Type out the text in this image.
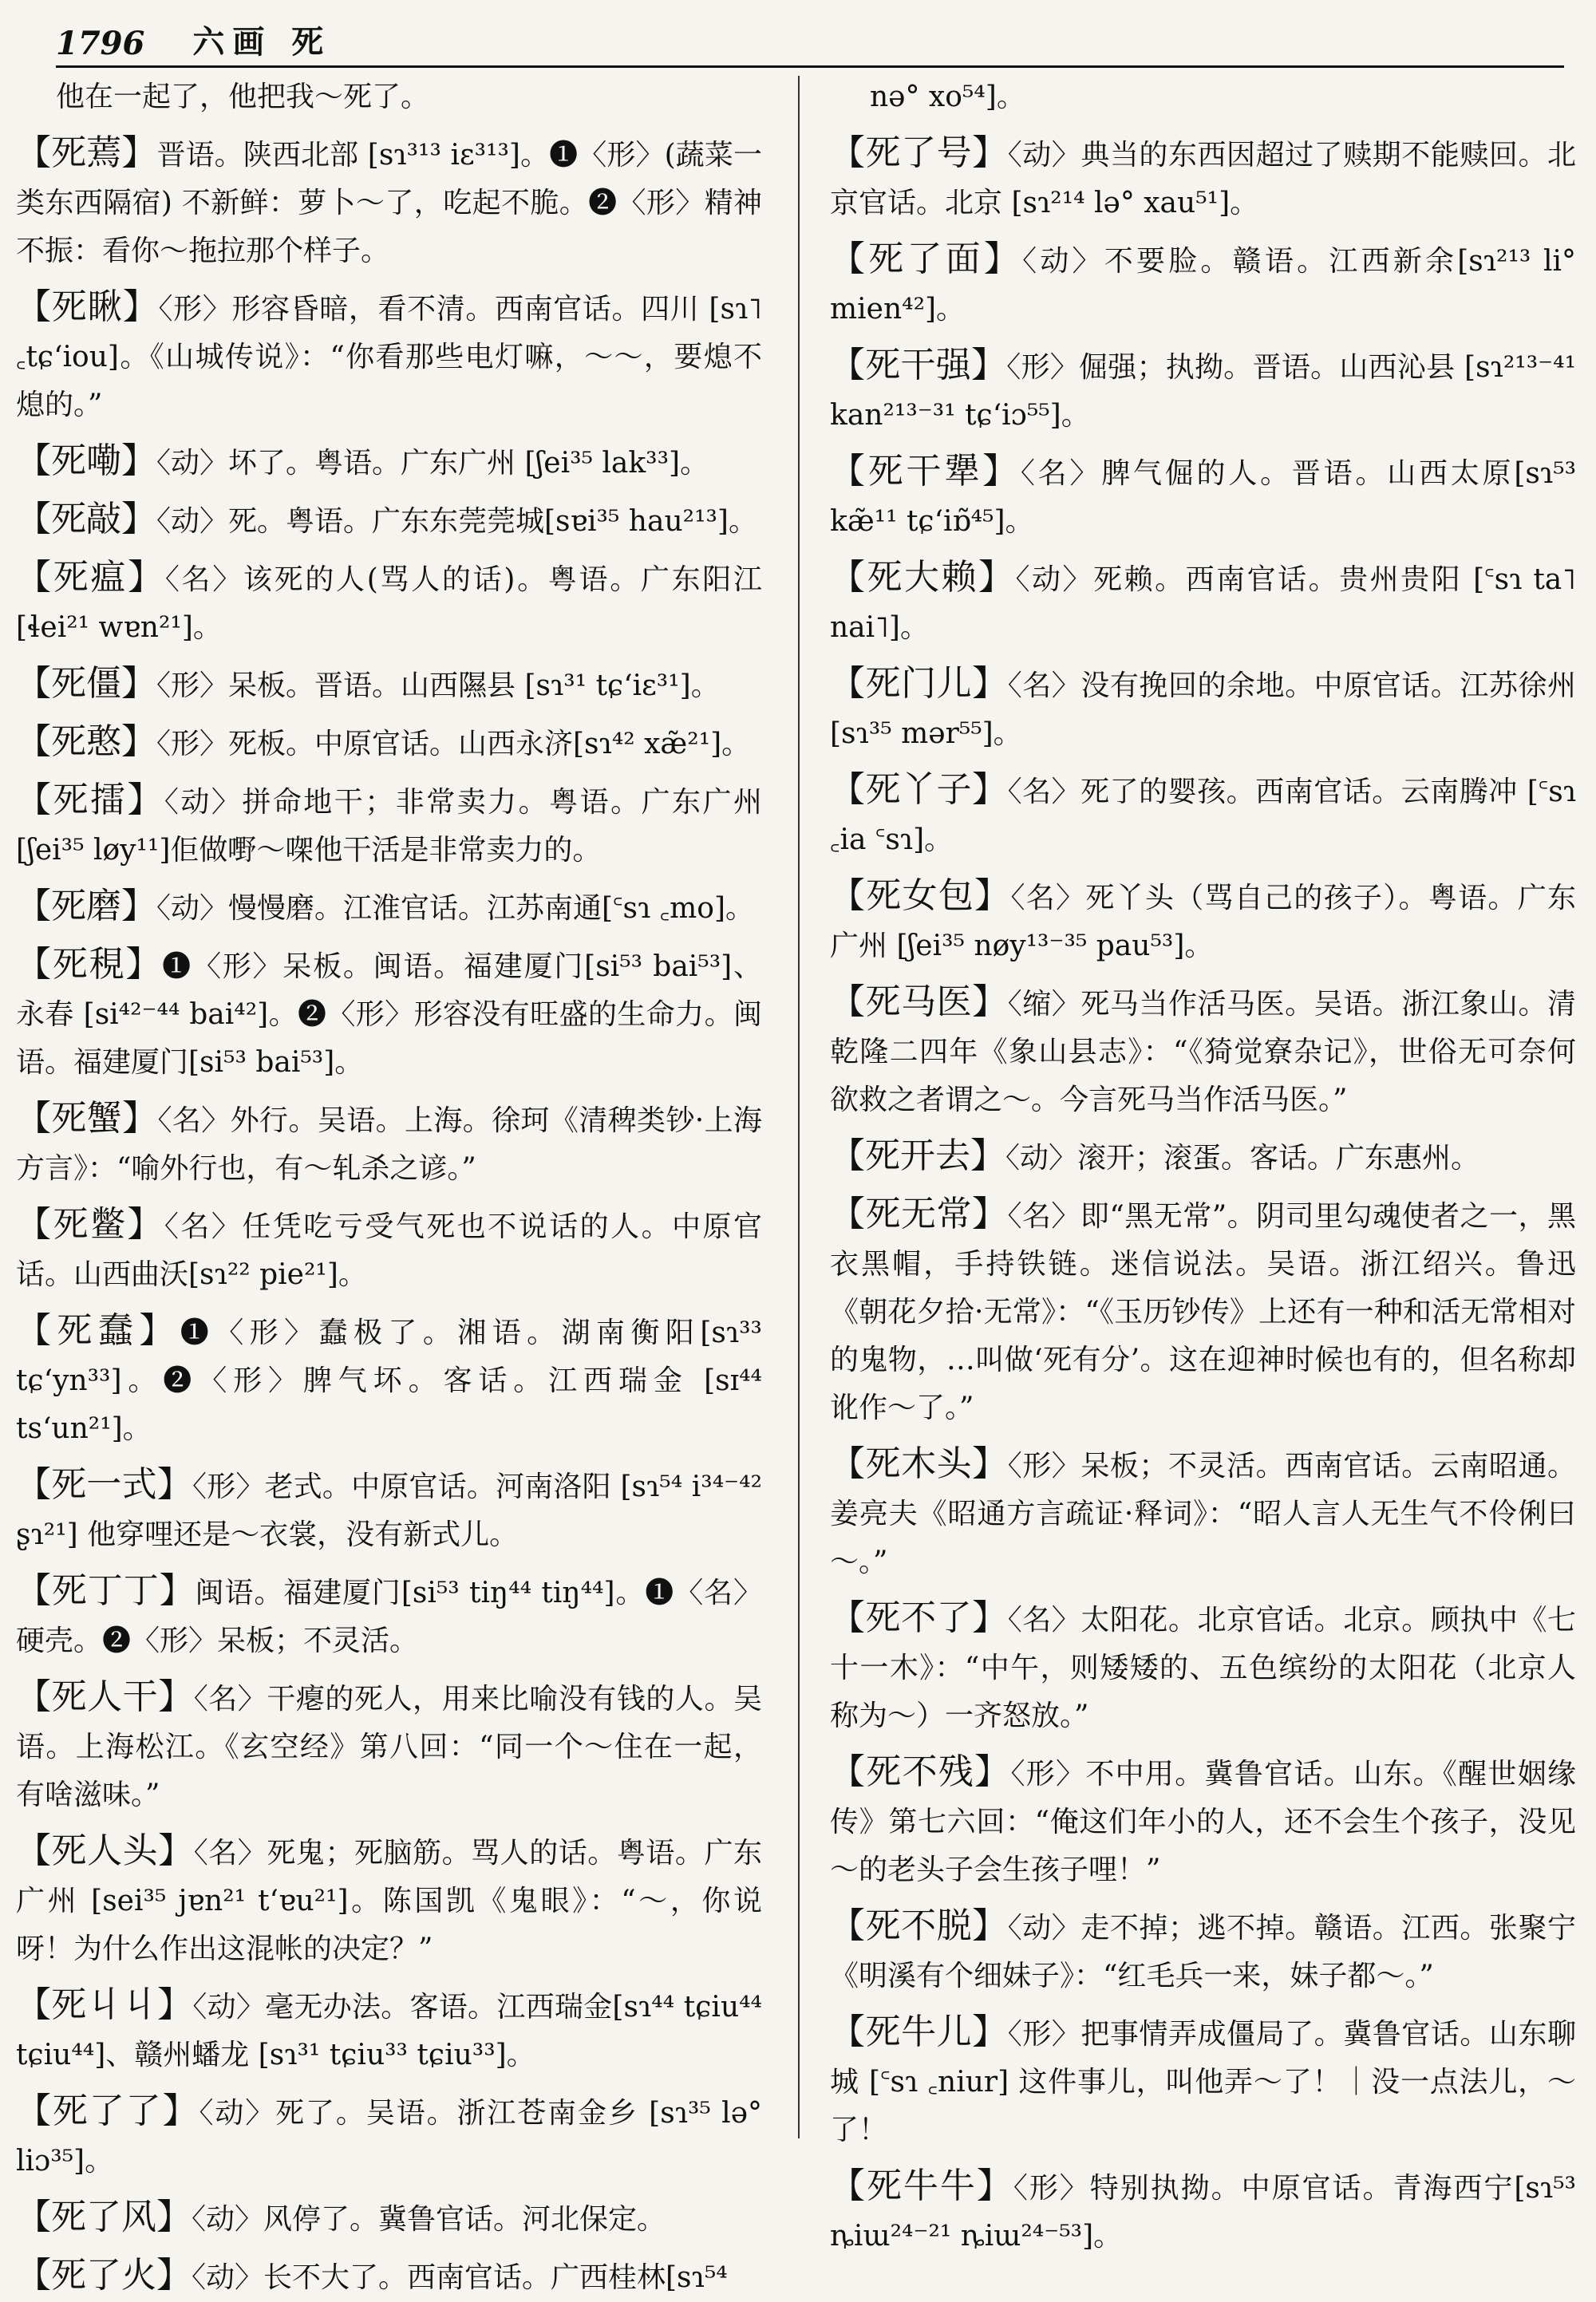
1796 六画 死

他在一起了，他把我～死了。

【死蔫】晋语。陕西北部 [sɿ³¹³ iɛ³¹³]。❶〈形〉(蔬菜一类东西隔宿) 不新鲜：萝卜～了，吃起不脆。❷〈形〉精神不振：看你～拖拉那个样子。

【死瞅】〈形〉形容昏暗，看不清。西南官话。四川 [sɿ˥ ꜀tɕ‘iou]。《山城传说》：“你看那些电灯嘛，～～，要熄不熄的。”

【死嘞】〈动〉坏了。粤语。广东广州 [ʃei³⁵ lak³³]。

【死敲】〈动〉死。粤语。广东东莞莞城[sɐi³⁵ hau²¹³]。

【死瘟】〈名〉该死的人(骂人的话)。粤语。广东阳江 [ɬei²¹ wɐn²¹]。

【死僵】〈形〉呆板。晋语。山西隰县 [sɿ³¹ tɕ‘iɛ³¹]。

【死憨】〈形〉死板。中原官话。山西永济[sɿ⁴² xæ̃²¹]。

【死擂】〈动〉拼命地干；非常卖力。粤语。广东广州 [ʃei³⁵ løy¹¹]佢做嘢～㗎他干活是非常卖力的。

【死磨】〈动〉慢慢磨。江淮官话。江苏南通[꜂sɿ ꜀mo]。

【死䅐】❶〈形〉呆板。闽语。福建厦门[si⁵³ bai⁵³]、永春 [si⁴²⁻⁴⁴ bai⁴²]。❷〈形〉形容没有旺盛的生命力。闽语。福建厦门[si⁵³ bai⁵³]。

【死蟹】〈名〉外行。吴语。上海。徐珂《清稗类钞·上海方言》：“喻外行也，有～轧杀之谚。”

【死鳖】〈名〉任凭吃亏受气死也不说话的人。中原官话。山西曲沃[sɿ²² pie²¹]。

【死蠢】❶〈形〉蠢极了。湘语。湖南衡阳[sɿ³³ tɕ‘yn³³]。❷〈形〉脾气坏。客话。江西瑞金 [sɪ⁴⁴ ts‘un²¹]。

【死一式】〈形〉老式。中原官话。河南洛阳 [sɿ⁵⁴ i³⁴⁻⁴² ʂɿ²¹] 他穿哩还是～衣裳，没有新式儿。

【死丁丁】闽语。福建厦门[si⁵³ tiŋ⁴⁴ tiŋ⁴⁴]。❶〈名〉硬壳。❷〈形〉呆板；不灵活。

【死人干】〈名〉干瘪的死人，用来比喻没有钱的人。吴语。上海松江。《玄空经》第八回：“同一个～住在一起，有啥滋味。”

【死人头】〈名〉死鬼；死脑筋。骂人的话。粤语。广东广州 [sei³⁵ jɐn²¹ t‘ɐu²¹]。陈国凯《鬼眼》：“～，你说呀！为什么作出这混帐的决定？”

【死丩丩】〈动〉毫无办法。客语。江西瑞金[sɿ⁴⁴ tɕiu⁴⁴ tɕiu⁴⁴]、赣州蟠龙 [sɿ³¹ tɕiu³³ tɕiu³³]。

【死了了】〈动〉死了。吴语。浙江苍南金乡 [sɿ³⁵ lə° liɔ³⁵]。

【死了风】〈动〉风停了。冀鲁官话。河北保定。

【死了火】〈动〉长不大了。西南官话。广西桂林[sɿ⁵⁴

nə° xo⁵⁴]。

【死了号】〈动〉典当的东西因超过了赎期不能赎回。北京官话。北京 [sɿ²¹⁴ lə° xau⁵¹]。

【死了面】〈动〉不要脸。赣语。江西新余[sɿ²¹³ li° mien⁴²]。

【死干强】〈形〉倔强；执拗。晋语。山西沁县 [sɿ²¹³⁻⁴¹ kan²¹³⁻³¹ tɕ‘iɔ⁵⁵]。

【死干犟】〈名〉脾气倔的人。晋语。山西太原[sɿ⁵³ kæ̃¹¹ tɕ‘iɒ̃⁴⁵]。

【死大赖】〈动〉死赖。西南官话。贵州贵阳 [꜂sɿ ta˥ nai˥]。

【死门儿】〈名〉没有挽回的余地。中原官话。江苏徐州 [sɿ³⁵ mər⁵⁵]。

【死丫子】〈名〉死了的婴孩。西南官话。云南腾冲 [꜂sɿ ꜀ia ꜂sɿ]。

【死女包】〈名〉死丫头（骂自己的孩子）。粤语。广东广州 [ʃei³⁵ nøy¹³⁻³⁵ pau⁵³]。

【死马医】〈缩〉死马当作活马医。吴语。浙江象山。清乾隆二四年《象山县志》：“《猗觉寮杂记》，世俗无可奈何欲救之者谓之～。今言死马当作活马医。”

【死开去】〈动〉滚开；滚蛋。客话。广东惠州。

【死无常】〈名〉即“黑无常”。阴司里勾魂使者之一，黑衣黑帽，手持铁链。迷信说法。吴语。浙江绍兴。鲁迅《朝花夕拾·无常》：“《玉历钞传》上还有一种和活无常相对的鬼物，…叫做‘死有分’。这在迎神时候也有的，但名称却讹作～了。”

【死木头】〈形〉呆板；不灵活。西南官话。云南昭通。姜亮夫《昭通方言疏证·释词》：“昭人言人无生气不伶俐曰～。”

【死不了】〈名〉太阳花。北京官话。北京。顾执中《七十一木》：“中午，则矮矮的、五色缤纷的太阳花（北京人称为～）一齐怒放。”

【死不残】〈形〉不中用。冀鲁官话。山东。《醒世姻缘传》第七六回：“俺这们年小的人，还不会生个孩子，没见～的老头子会生孩子哩！”

【死不脱】〈动〉走不掉；逃不掉。赣语。江西。张聚宁《明溪有个细妹子》：“红毛兵一来，妹子都～。”

【死牛儿】〈形〉把事情弄成僵局了。冀鲁官话。山东聊城 [꜂sɿ ꜀niur] 这件事儿，叫他弄～了！｜没一点法儿，～了！

【死牛牛】〈形〉特别执拗。中原官话。青海西宁[sɿ⁵³ ȵiɯ²⁴⁻²¹ ȵiɯ²⁴⁻⁵³]。
